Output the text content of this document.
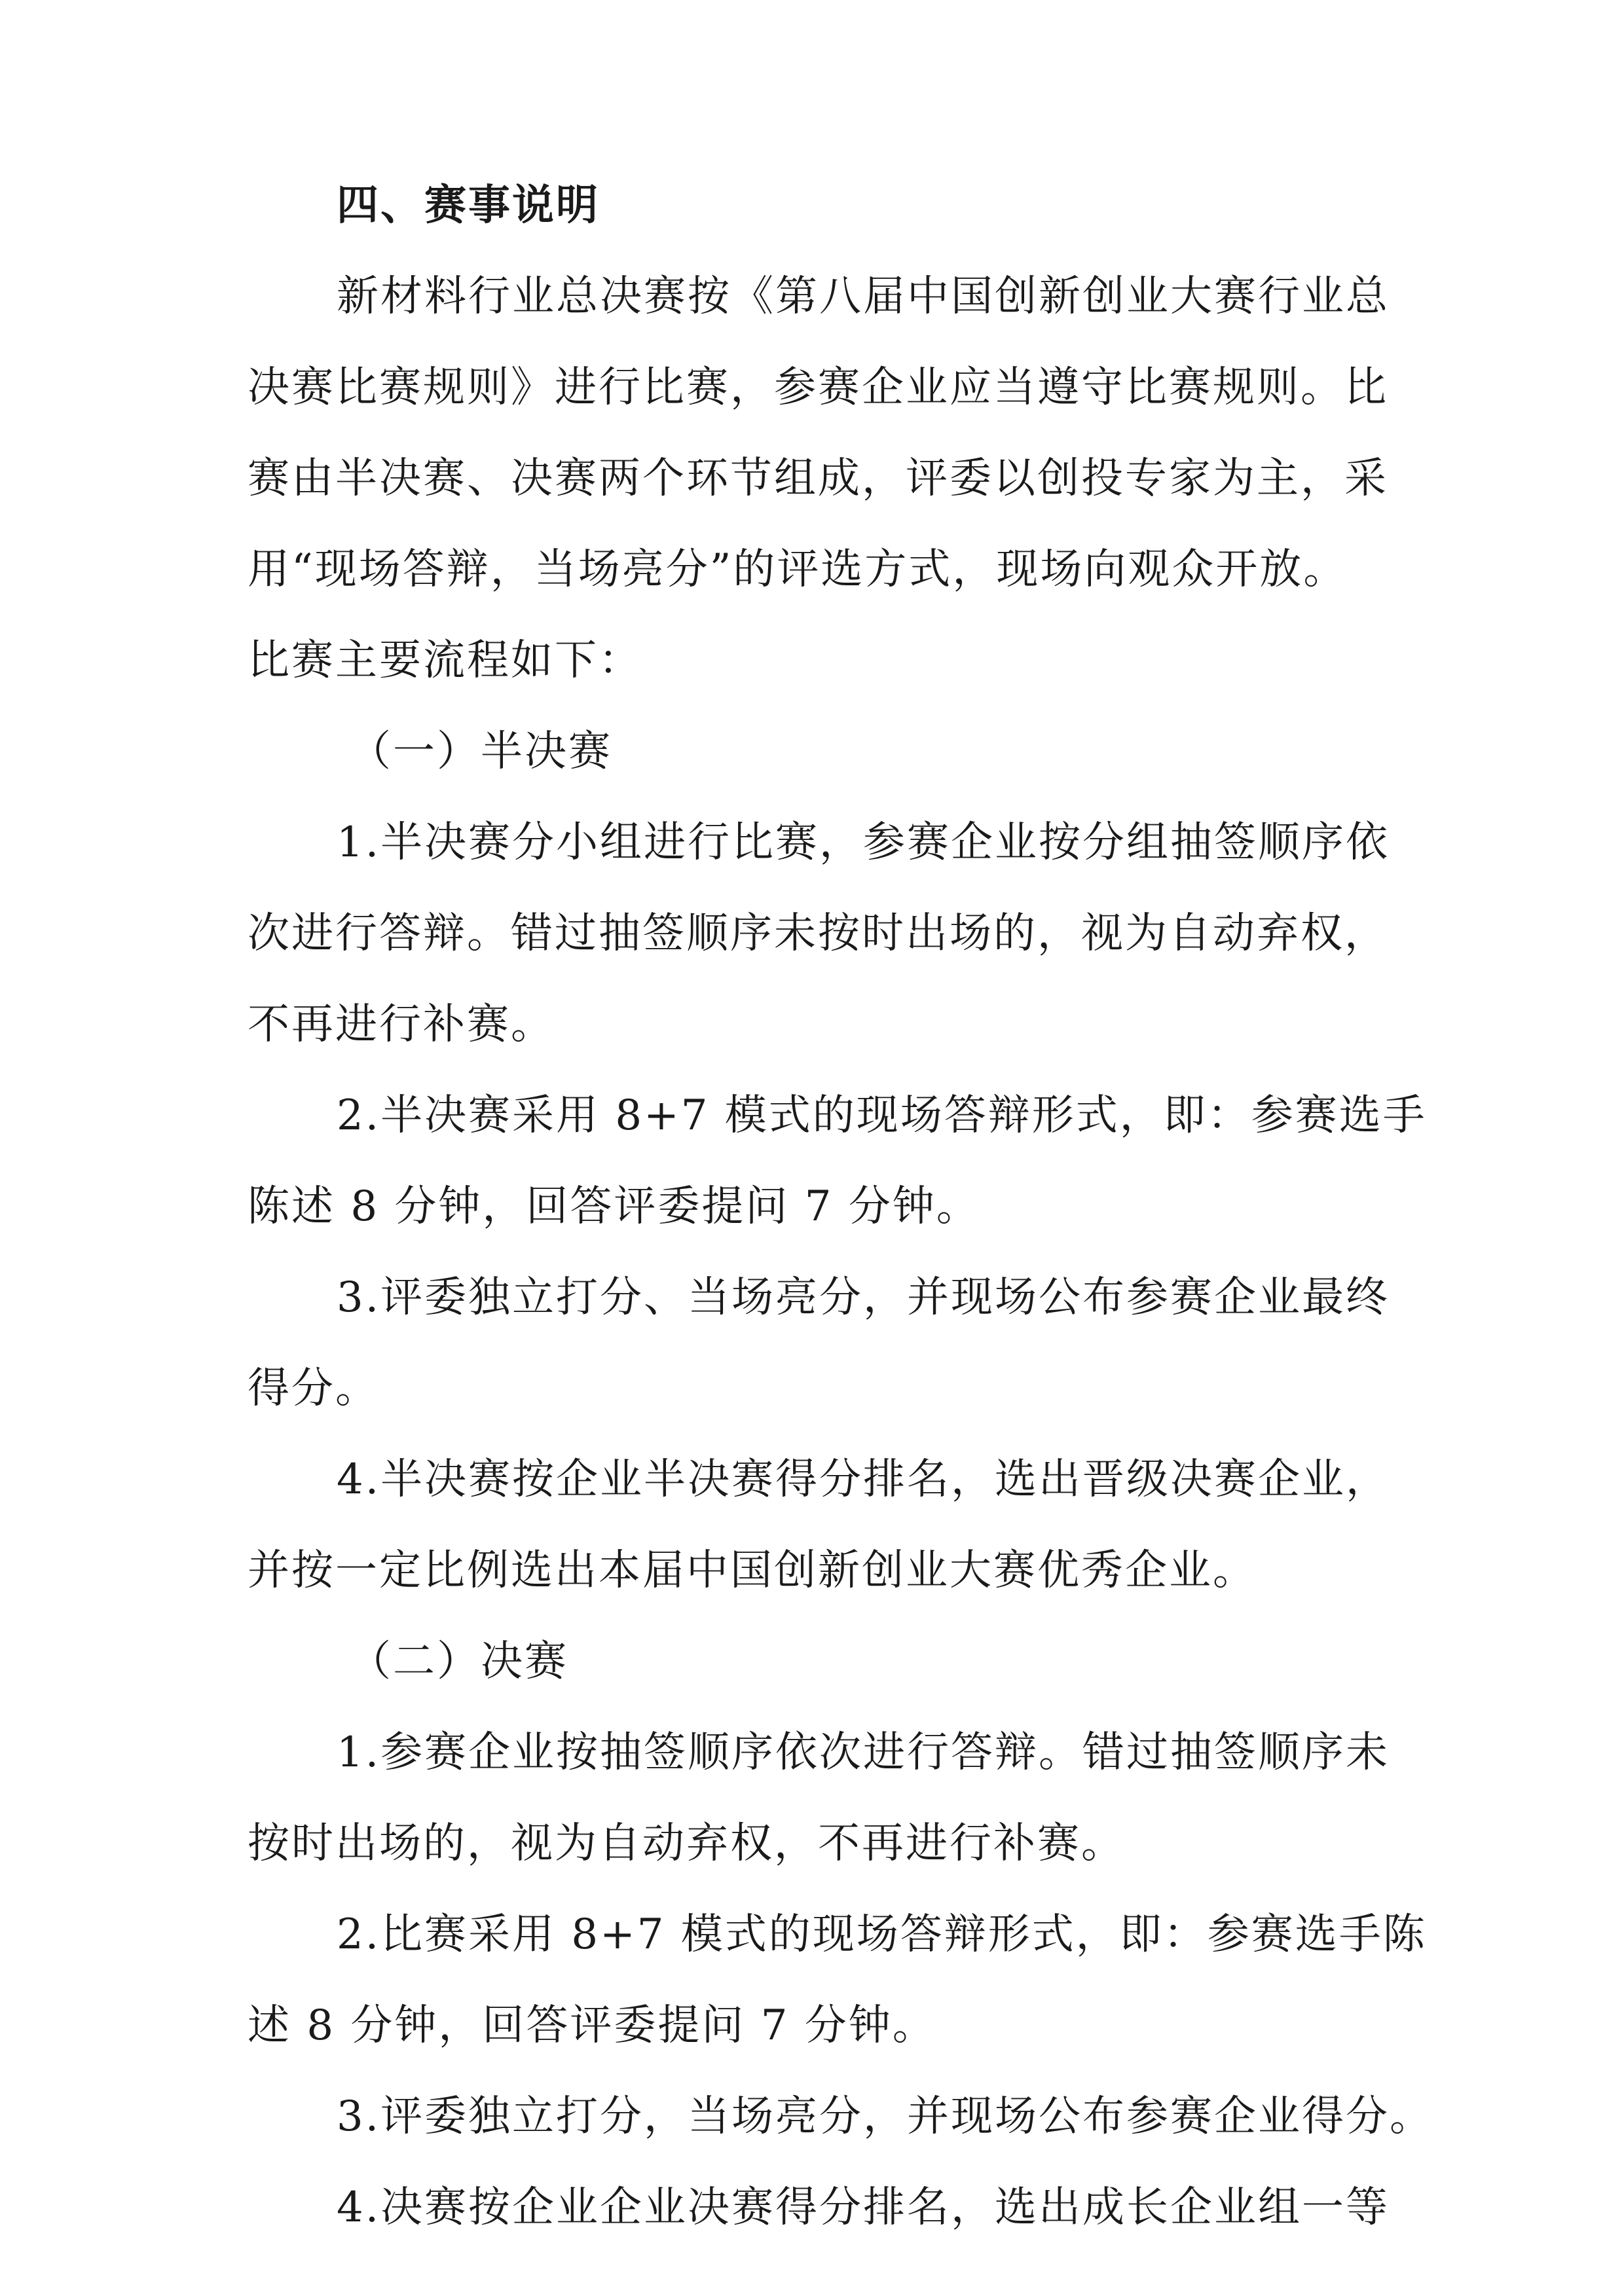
四、赛事说明
新材料行业总决赛按《第八届中国创新创业大赛行业总
决赛比赛规则》进行比赛，参赛企业应当遵守比赛规则。比
赛由半决赛、决赛两个环节组成，评委以创投专家为主，采
用“现场答辩，当场亮分”的评选方式，现场向观众开放。
比赛主要流程如下：
（一）半决赛
1.半决赛分小组进行比赛，参赛企业按分组抽签顺序依
次进行答辩。错过抽签顺序未按时出场的，视为自动弃权，
不再进行补赛。
2.半决赛采用 8+7 模式的现场答辩形式，即：参赛选手
陈述 8 分钟，回答评委提问 7 分钟。
3.评委独立打分、当场亮分，并现场公布参赛企业最终
得分。
4.半决赛按企业半决赛得分排名，选出晋级决赛企业，
并按一定比例选出本届中国创新创业大赛优秀企业。
（二）决赛
1.参赛企业按抽签顺序依次进行答辩。错过抽签顺序未
按时出场的，视为自动弃权，不再进行补赛。
2.比赛采用 8+7 模式的现场答辩形式，即：参赛选手陈
述 8 分钟，回答评委提问 7 分钟。
3.评委独立打分，当场亮分，并现场公布参赛企业得分。
4.决赛按企业企业决赛得分排名，选出成长企业组一等
